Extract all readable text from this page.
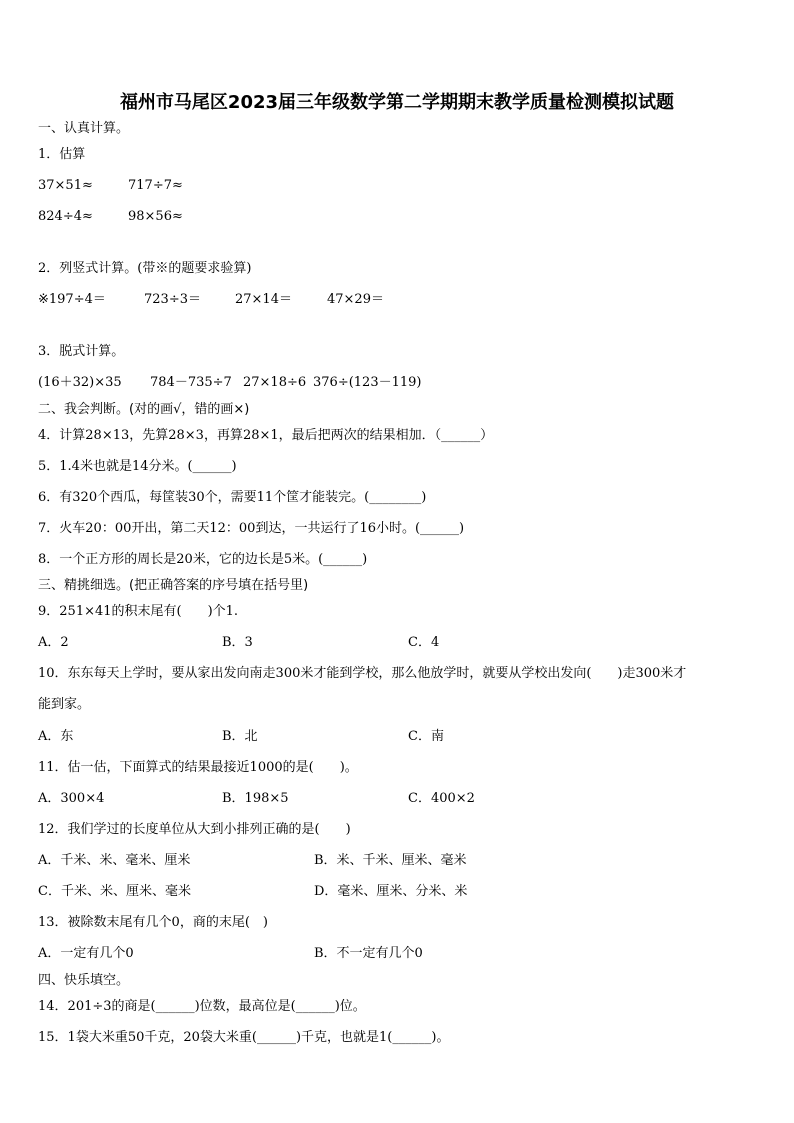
福州市马尾区2023届三年级数学第二学期期末教学质量检测模拟试题
一、认真计算。
1．估算
37×51≈	717÷7≈
824÷4≈	98×56≈
2．列竖式计算。(带※的题要求验算)
※197÷4＝	723÷3＝	27×14＝	47×29＝
3．脱式计算。
(16＋32)×35 784－735÷7 27×18÷6 376÷(123－119)
二、我会判断。(对的画√，错的画×)
4．计算28×13，先算28×3，再算28×1，最后把两次的结果相加．（______）
5．1.4米也就是14分米。(______)
6．有320个西瓜，每筐装30个，需要11个筐才能装完。(________)
7．火车20：00开出，第二天12：00到达，一共运行了16小时。(______)
8．一个正方形的周长是20米，它的边长是5米。(______)
三、精挑细选。(把正确答案的序号填在括号里)
9．251×41的积末尾有(　　)个1.
A．2	B．3	C．4
10．东东每天上学时，要从家出发向南走300米才能到学校，那么他放学时，就要从学校出发向(　　)走300米才
能到家。
A．东	B．北	C．南
11．估一估，下面算式的结果最接近1000的是(　　)。
A．300×4	B．198×5	C．400×2
12．我们学过的长度单位从大到小排列正确的是(　　)
A．千米、米、毫米、厘米	B．米、千米、厘米、毫米
C．千米、米、厘米、毫米	D．毫米、厘米、分米、米
13．被除数末尾有几个0，商的末尾(　)
A．一定有几个0	B．不一定有几个0
四、快乐填空。
14．201÷3的商是(______)位数，最高位是(______)位。
15．1袋大米重50千克，20袋大米重(______)千克，也就是1(______)。
